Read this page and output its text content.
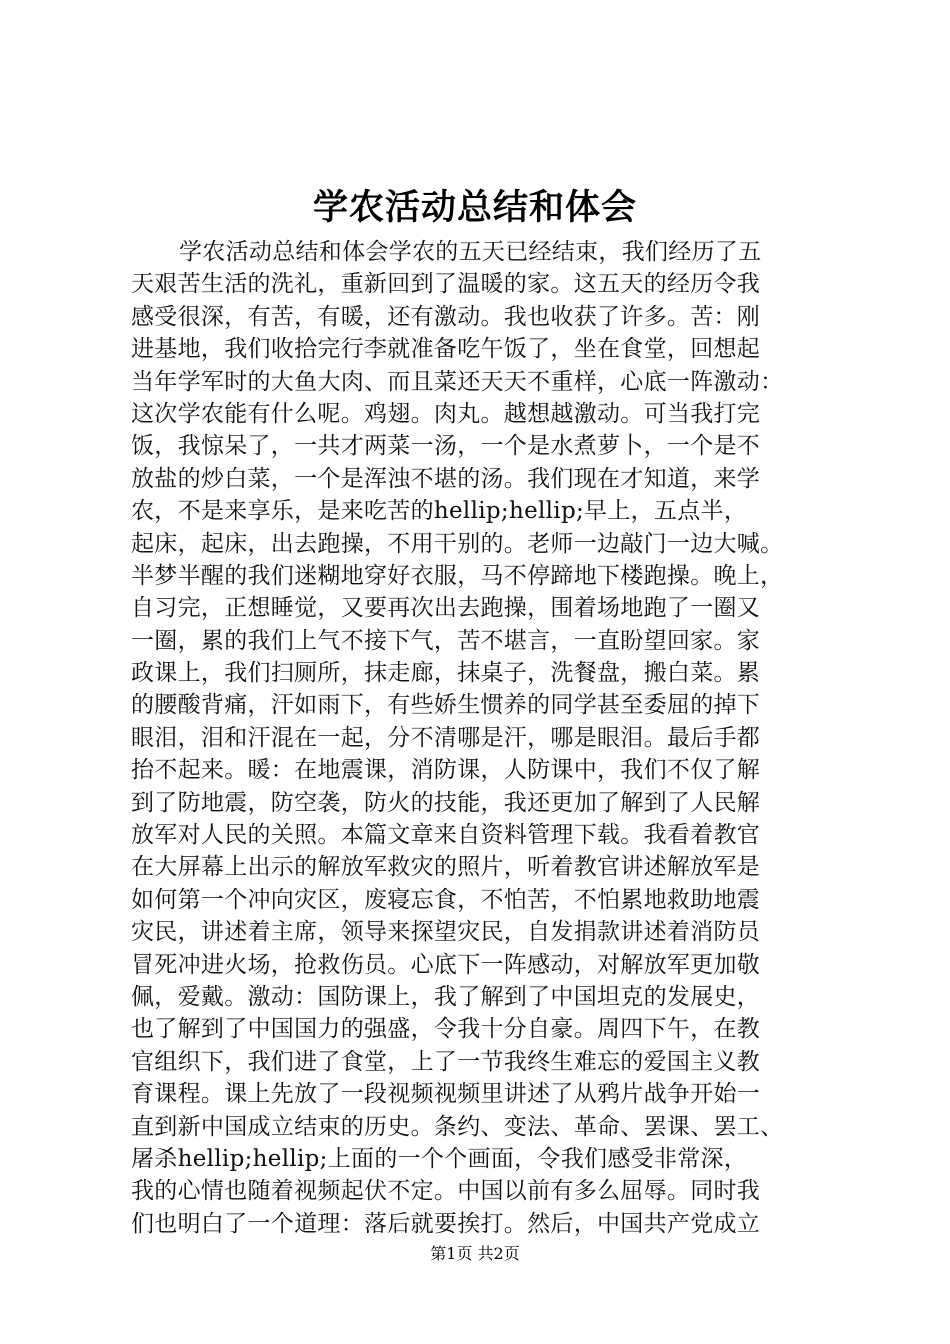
学农活动总结和体会
学农活动总结和体会学农的五天已经结束，我们经历了五
天艰苦生活的洗礼，重新回到了温暖的家。这五天的经历令我
感受很深，有苦，有暖，还有激动。我也收获了许多。苦：刚
进基地，我们收拾完行李就准备吃午饭了，坐在食堂，回想起
当年学军时的大鱼大肉、而且菜还天天不重样，心底一阵激动：
这次学农能有什么呢。鸡翅。肉丸。越想越激动。可当我打完
饭，我惊呆了，一共才两菜一汤，一个是水煮萝卜，一个是不
放盐的炒白菜，一个是浑浊不堪的汤。我们现在才知道，来学
农，不是来享乐，是来吃苦的hellip;hellip;早上，五点半，
起床，起床，出去跑操，不用干别的。老师一边敲门一边大喊。
半梦半醒的我们迷糊地穿好衣服，马不停蹄地下楼跑操。晚上，
自习完，正想睡觉，又要再次出去跑操，围着场地跑了一圈又
一圈，累的我们上气不接下气，苦不堪言，一直盼望回家。家
政课上，我们扫厕所，抹走廊，抹桌子，洗餐盘，搬白菜。累
的腰酸背痛，汗如雨下，有些娇生惯养的同学甚至委屈的掉下
眼泪，泪和汗混在一起，分不清哪是汗，哪是眼泪。最后手都
抬不起来。暖：在地震课，消防课，人防课中，我们不仅了解
到了防地震，防空袭，防火的技能，我还更加了解到了人民解
放军对人民的关照。本篇文章来自资料管理下载。我看着教官
在大屏幕上出示的解放军救灾的照片，听着教官讲述解放军是
如何第一个冲向灾区，废寝忘食，不怕苦，不怕累地救助地震
灾民，讲述着主席，领导来探望灾民，自发捐款讲述着消防员
冒死冲进火场，抢救伤员。心底下一阵感动，对解放军更加敬
佩，爱戴。激动：国防课上，我了解到了中国坦克的发展史，
也了解到了中国国力的强盛，令我十分自豪。周四下午，在教
官组织下，我们进了食堂，上了一节我终生难忘的爱国主义教
育课程。课上先放了一段视频视频里讲述了从鸦片战争开始一
直到新中国成立结束的历史。条约、变法、革命、罢课、罢工、
屠杀hellip;hellip;上面的一个个画面，令我们感受非常深，
我的心情也随着视频起伏不定。中国以前有多么屈辱。同时我
们也明白了一个道理：落后就要挨打。然后，中国共产党成立
第1页 共2页
